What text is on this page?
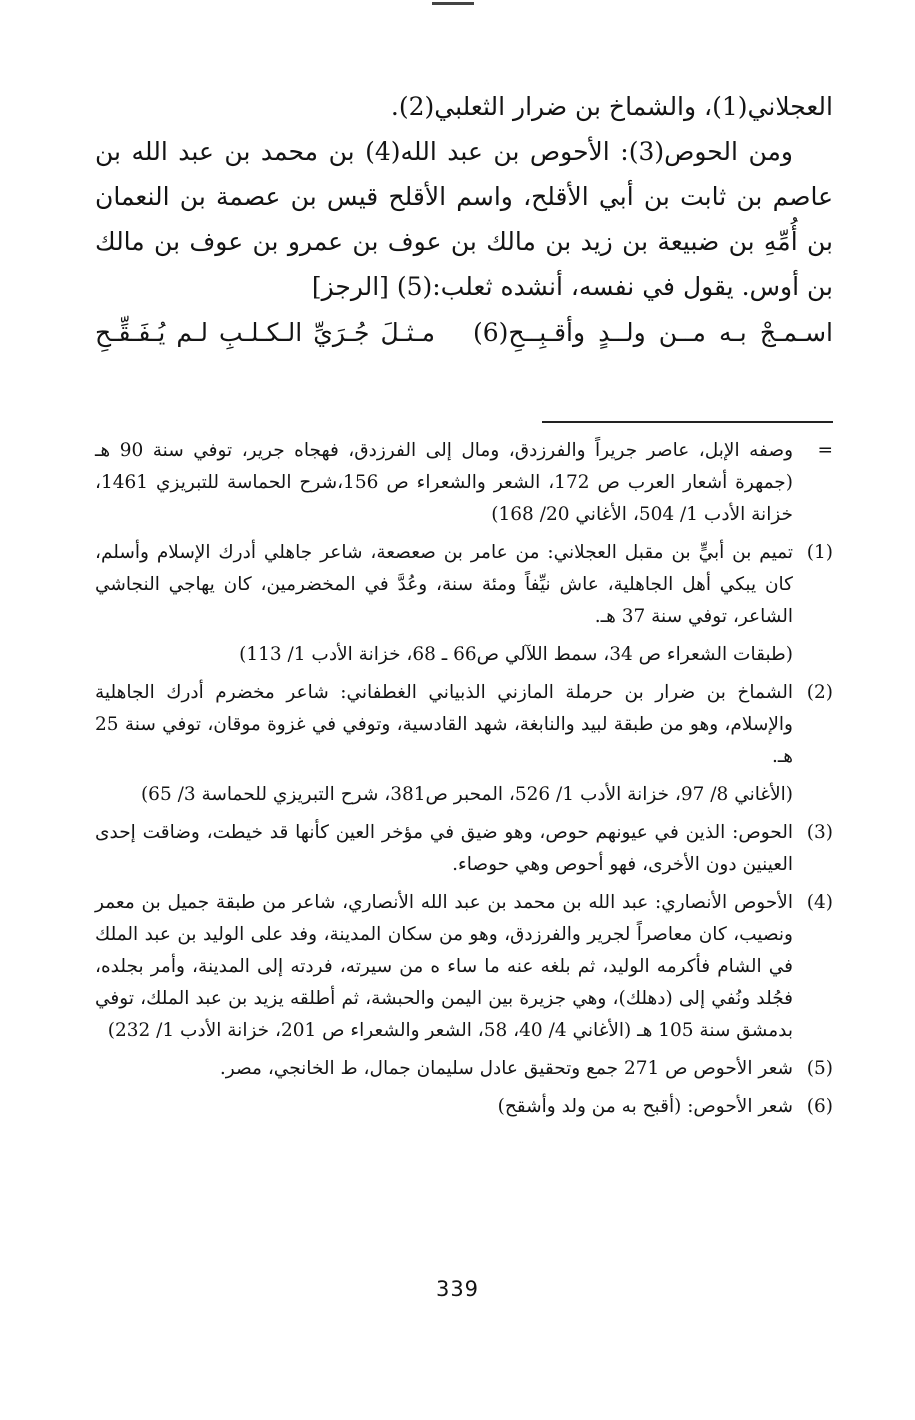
العجلاني(1)، والشماخ بن ضرار الثعلبي(2).

ومن الحوص(3): الأحوص بن عبد الله(4) بن محمد بن عبد الله بن عاصم بن ثابت بن أبي الأقلح، واسم الأقلح قيس بن عصمة بن النعمان بن أُمِّهِ بن ضبيعة بن زيد بن مالك بن عوف بن عمرو بن عوف بن مالك بن أوس. يقول في نفسه، أنشده ثعلب:(5) [الرجز]

اسـمـجْ بـه مــن ولــدٍ وأقـبِــحِ(6)
مـثـلَ جُـرَيِّ الـكـلـبِ لـم يُـفَـقِّـحِ
=

وصفه الإبل، عاصر جريراً والفرزدق، ومال إلى الفرزدق، فهجاه جرير، توفي سنة 90 هـ (جمهرة أشعار العرب ص 172، الشعر والشعراء ص 156،شرح الحماسة للتبريزي 1461، خزانة الأدب 1/ 504، الأغاني 20/ 168)

(1)

تميم بن أبيٍّ بن مقبل العجلاني: من عامر بن صعصعة، شاعر جاهلي أدرك الإسلام وأسلم، كان يبكي أهل الجاهلية، عاش نيِّفاً ومئة سنة، وعُدَّ في المخضرمين، كان يهاجي النجاشي الشاعر، توفي سنة 37 هـ.

(طبقات الشعراء ص 34، سمط اللآلي ص66 ـ 68، خزانة الأدب 1/ 113)

(2)

الشماخ بن ضرار بن حرملة المازني الذبياني الغطفاني: شاعر مخضرم أدرك الجاهلية والإسلام، وهو من طبقة لبيد والنابغة، شهد القادسية، وتوفي في غزوة موقان، توفي سنة 25 هـ.

(الأغاني 8/ 97، خزانة الأدب 1/ 526، المحبر ص381، شرح التبريزي للحماسة 3/ 65)

(3)

الحوص: الذين في عيونهم حوص، وهو ضيق في مؤخر العين كأنها قد خيطت، وضاقت إحدى العينين دون الأخرى، فهو أحوص وهي حوصاء.

(4)

الأحوص الأنصاري: عبد الله بن محمد بن عبد الله الأنصاري، شاعر من طبقة جميل بن معمر ونصيب، كان معاصراً لجرير والفرزدق، وهو من سكان المدينة، وفد على الوليد بن عبد الملك في الشام فأكرمه الوليد، ثم بلغه عنه ما ساء ه من سيرته، فردته إلى المدينة، وأمر بجلده، فجُلد ونُفي إلى (دهلك)، وهي جزيرة بين اليمن والحبشة، ثم أطلقه يزيد بن عبد الملك، توفي بدمشق سنة 105 هـ (الأغاني 4/ 40، 58، الشعر والشعراء ص 201، خزانة الأدب 1/ 232)

(5)

شعر الأحوص ص 271 جمع وتحقيق عادل سليمان جمال، ط الخانجي، مصر.

(6)

شعر الأحوص: (أقبح به من ولد وأشقح)

339
